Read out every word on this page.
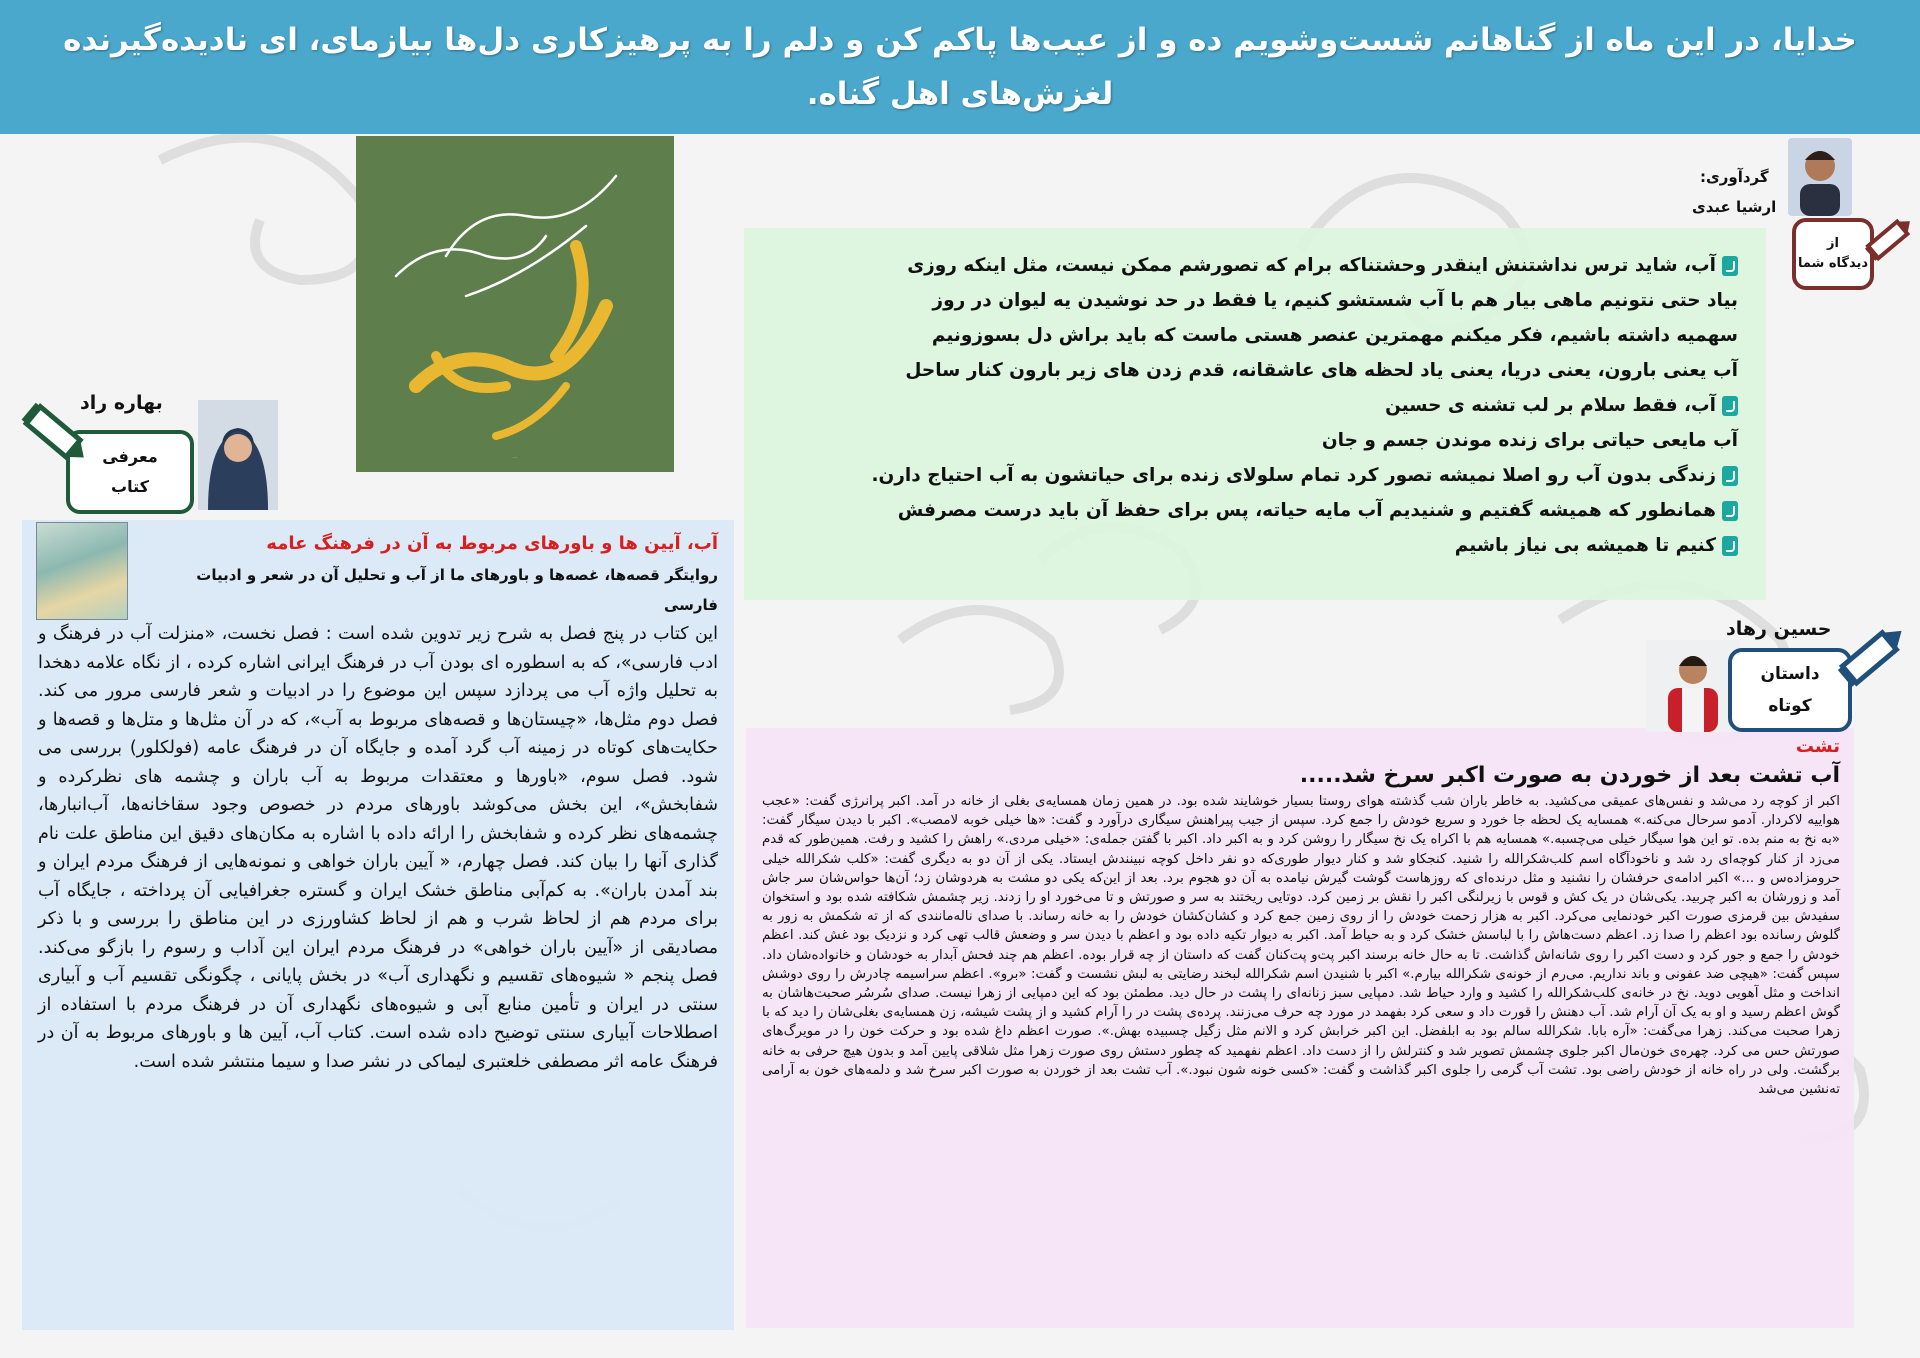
خدایا، در این ماه از گناهانم شست‌وشویم ده و از عیب‌ها پاکم کن و دلم را به پرهیزکاری دل‌ها بیازمای، ای نادیده‌گیرنده لغزش‌های اهل گناه.

هندسه دل
گردآوری:
ارشیا عبدی
از
دیدگاه شما
آب، شاید ترس نداشتنش اینقدر وحشتناکه برام که تصورشم ممکن نیست، مثل اینکه روزی
بیاد حتی نتونیم ماهی بیار هم با آب شستشو کنیم، یا فقط در حد نوشیدن یه لیوان در روز
سهمیه داشته باشیم، فکر میکنم مهمترین عنصر هستی ماست که باید براش دل بسوزونیم
آب یعنی بارون، یعنی دریا، یعنی یاد لحظه های عاشقانه، قدم زدن های زیر بارون کنار ساحل
آب، فقط سلام بر لب تشنه ی حسین
آب مایعی حیاتی برای زنده موندن جسم و جان
زندگی بدون آب رو اصلا نمیشه تصور کرد تمام سلولای زنده برای حیاتشون به آب احتیاج دارن.
همانطور که همیشه گفتیم و شنیدیم آب مایه حیاته، پس برای حفظ آن باید درست مصرفش
کنیم تا همیشه بی نیاز باشیم
بهاره راد
معرفی
کتاب
آب، آیین ها و باورهای مربوط به آن در فرهنگ عامه
روایتگر قصه‌ها، غصه‌ها و باورهای ما از آب و تحلیل آن در شعر و ادبیات فارسی
این کتاب در پنج فصل به شرح زیر تدوین شده است : فصل نخست، «منزلت آب در فرهنگ و ادب فارسی»، که به اسطوره ای بودن آب در فرهنگ ایرانی اشاره کرده ، از نگاه علامه دهخدا به تحلیل واژه آب می پردازد سپس این موضوع را در ادبیات و شعر فارسی مرور می کند. فصل دوم مثل‌ها، «چیستان‌ها و قصه‌های مربوط به آب»، که در آن مثل‌ها و متل‌ها و قصه‌ها و حکایت‌های کوتاه در زمینه آب گرد آمده و جایگاه آن در فرهنگ عامه (فولکلور) بررسی می شود. فصل سوم، «باورها و معتقدات مربوط به آب باران و چشمه های نظرکرده و شفابخش»، این بخش می‌کوشد باورهای مردم در خصوص وجود سقاخانه‌ها، آب‌انبارها، چشمه‌های نظر کرده و شفابخش را ارائه داده با اشاره به مکان‌های دقیق این مناطق علت نام گذاری آنها را بیان کند. فصل چهارم، « آیین باران خواهی و نمونه‌هایی از فرهنگ مردم ایران و بند آمدن باران». به کم‌آبی مناطق خشک ایران و گستره جغرافیایی آن پرداخته ، جایگاه آب برای مردم هم از لحاظ شرب و هم از لحاظ کشاورزی در این مناطق را بررسی و با ذکر مصادیقی از «آیین باران خواهی» در فرهنگ مردم ایران این آداب و رسوم را بازگو می‌کند. فصل پنجم « شیوه‌های تقسیم و نگهداری آب» در بخش پایانی ، چگونگی تقسیم آب و آبیاری سنتی در ایران و تأمین منابع آبی و شیوه‌های نگهداری آن در فرهنگ مردم با استفاده از اصطلاحات آبیاری سنتی توضیح داده شده است. کتاب آب، آیین ها و باورهای مربوط به آن در فرهنگ عامه اثر مصطفی خلعتبری لیماکی در نشر صدا و سیما منتشر شده است.
حسین رهاد
داستان
کوتاه
تشت
آب تشت بعد از خوردن به صورت اکبر سرخ شد.....
اکبر از کوچه رد می‌شد و نفس‌های عمیقی می‌کشید. به خاطر باران شب گذشته هوای روستا بسیار خوشایند شده بود. در همین زمان همسایه‌ی بغلی از خانه در آمد. اکبر پرانرژی گفت: «عجب هواییه لاکردار. آدمو سرحال می‌کنه.» همسایه یک لحظه جا خورد و سریع خودش را جمع کرد. سپس از جیب پیراهنش سیگاری درآورد و گفت: «ها خیلی خوبه لامصب». اکبر با دیدن سیگار گفت: «به نخ به منم بده. تو این هوا سیگار خیلی می‌چسبه.» همسایه هم با اکراه یک نخ سیگار را روشن کرد و به اکبر داد. اکبر با گفتن جمله‌ی: «خیلی مردی.» راهش را کشید و رفت. همین‌طور که قدم می‌زد از کنار کوچه‌ای رد شد و ناخودآگاه اسم کلب‌شکرالله را شنید. کنجکاو شد و کنار دیوار طوری‌که دو نفر داخل کوچه نبینندش ایستاد. یکی از آن دو به دیگری گفت: «کلب شکرالله خیلی حرومزاده‌س و ...» اکبر ادامه‌ی حرفشان را نشنید و مثل درنده‌ای که روزهاست گوشت گیرش نیامده به آن دو هجوم برد. بعد از این‌که یکی دو مشت به هردوشان زد؛ آن‌ها حواس‌شان سر جاش آمد و زورشان به اکبر چربید. یکی‌شان در یک کش و قوس با زیرلنگی اکبر را نقش بر زمین کرد. دوتایی ریختند به سر و صورتش و تا می‌خورد او را زدند. زیر چشمش شکافته شده بود و استخوان سفیدش بین قرمزی صورت اکبر خودنمایی می‌کرد. اکبر به هزار زحمت خودش را از روی زمین جمع کرد و کشان‌کشان خودش را به خانه رساند. با صدای ناله‌مانندی که از ته شکمش به زور به گلوش رسانده بود اعظم را صدا زد. اعظم دست‌هاش را با لباسش خشک کرد و به حیاط آمد. اکبر به دیوار تکیه داده بود و اعظم با دیدن سر و وضعش قالب تهی کرد و نزدیک بود غش کند. اعظم خودش را جمع و جور کرد و دست اکبر را روی شانه‌اش گذاشت. تا به حال خانه برسند اکبر پت‌و پت‌کنان گفت که داستان از چه قرار بوده. اعظم هم چند فحش آبدار به خودشان و خانواده‌شان داد. سپس گفت: «هیچی ضد عفونی و باند نداریم. می‌رم از خونه‌ی شکرالله بیارم.» اکبر با شنیدن اسم شکرالله لبخند رضایتی به لبش نشست و گفت: «برو». اعظم سراسیمه چادرش را روی دوشش انداخت و مثل آهویی دوید. نخ در خانه‌ی کلب‌شکرالله را کشید و وارد حیاط شد. دمپایی سبز زنانه‌ای را پشت در حال دید. مطمئن بود که این دمپایی از زهرا نیست. صدای سُرسُر صحبت‌هاشان به گوش اعظم رسید و او به یک آن آرام شد. آب دهنش را قورت داد و سعی کرد بفهمد در مورد چه حرف می‌زنند. پرده‌ی پشت در را آرام کشید و از پشت شیشه، زن همسایه‌ی بغلی‌شان را دید که با زهرا صحبت می‌کند. زهرا می‌گفت: «آره بابا. شکرالله سالم بود به ابلفضل. این اکبر خرابش کرد و الانم مثل زگیل چسبیده بهش.». صورت اعظم داغ شده بود و حرکت خون را در مویرگ‌های صورتش حس می کرد. چهره‌ی خون‌مال اکبر جلوی چشمش تصویر شد و کنترلش را از دست داد. اعظم نفهمید که چطور دستش روی صورت زهرا مثل شلاقی پایین آمد و بدون هیچ حرفی به خانه برگشت. ولی در راه خانه از خودش راضی بود. تشت آب گرمی را جلوی اکبر گذاشت و گفت: «کسی خونه شون نبود.». آب تشت بعد از خوردن به صورت اکبر سرخ شد و دلمه‌های خون به آرامی ته‌نشین می‌شد
